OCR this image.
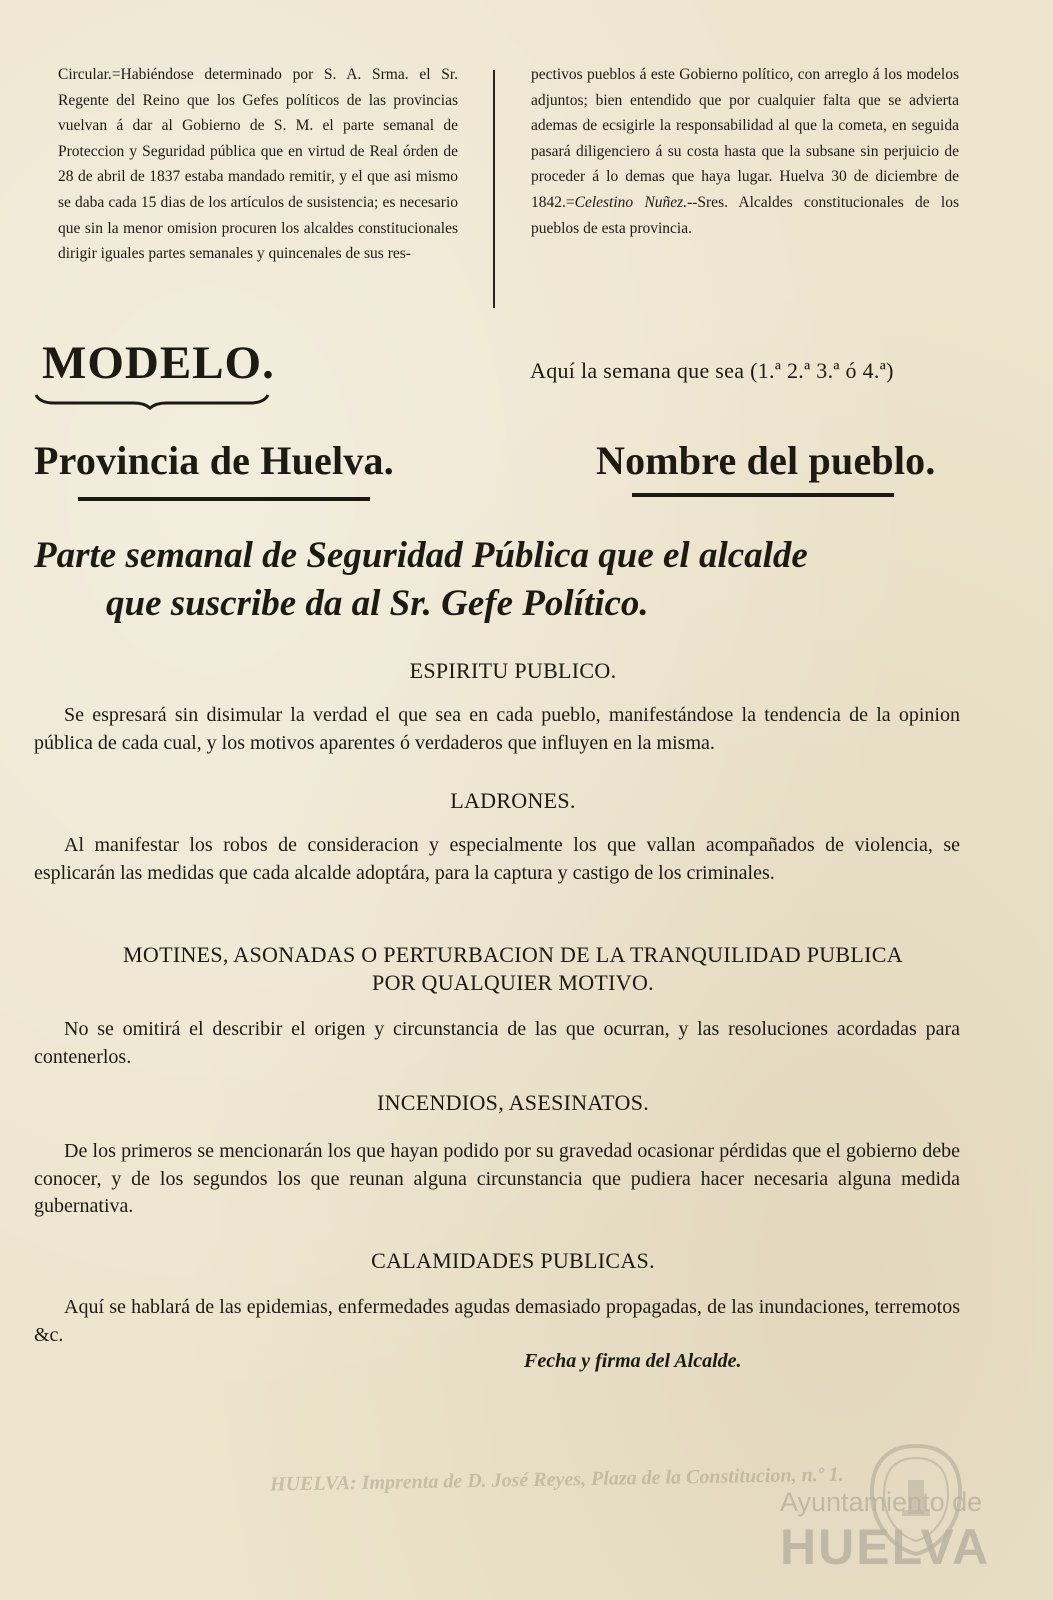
Circular.=Habiéndose determinado por S. A. Srma. el Sr. Regente del Reino que los Gefes políticos de las provincias vuelvan á dar al Gobierno de S. M. el parte semanal de Proteccion y Seguridad pública que en virtud de Real órden de 28 de abril de 1837 estaba mandado remitir, y el que asi mismo se daba cada 15 dias de los artículos de susistencia; es necesario que sin la menor omision procuren los alcaldes constitucionales dirigir iguales partes semanales y quincenales de sus res-
pectivos pueblos á este Gobierno político, con arreglo á los modelos adjuntos; bien entendido que por cualquier falta que se advierta ademas de ecsigirle la responsabilidad al que la cometa, en seguida pasará diligenciero á su costa hasta que la subsane sin perjuicio de proceder á lo demas que haya lugar. Huelva 30 de diciembre de 1842.=Celestino Nuñez.--Sres. Alcaldes constitucionales de los pueblos de esta provincia.
MODELO.	Aquí la semana que sea (1.ª 2.ª 3.ª ó 4.ª)
Provincia de Huelva.	Nombre del pueblo.
Parte semanal de Seguridad Pública que el alcalde
que suscribe da al Sr. Gefe Político.
ESPIRITU PUBLICO.
Se espresará sin disimular la verdad el que sea en cada pueblo, manifestándose la tendencia de la opinion pública de cada cual, y los motivos aparentes ó verdaderos que influyen en la misma.
LADRONES.
Al manifestar los robos de consideracion y especialmente los que vallan acompañados de violencia, se esplicarán las medidas que cada alcalde adoptára, para la captura y castigo de los criminales.
MOTINES, ASONADAS O PERTURBACION DE LA TRANQUILIDAD PUBLICA
POR QUALQUIER MOTIVO.
No se omitirá el describir el origen y circunstancia de las que ocurran, y las resoluciones acordadas para contenerlos.
INCENDIOS, ASESINATOS.
De los primeros se mencionarán los que hayan podido por su gravedad ocasionar pérdidas que el gobierno debe conocer, y de los segundos los que reunan alguna circunstancia que pudiera hacer necesaria alguna medida gubernativa.
CALAMIDADES PUBLICAS.
Aquí se hablará de las epidemias, enfermedades agudas demasiado propagadas, de las inundaciones, terremotos &c.
Fecha y firma del Alcalde.
HUELVA: Imprenta de D. José Reyes, Plaza de la Constitucion, n.º 1.
Ayuntamiento de
HUELVA
